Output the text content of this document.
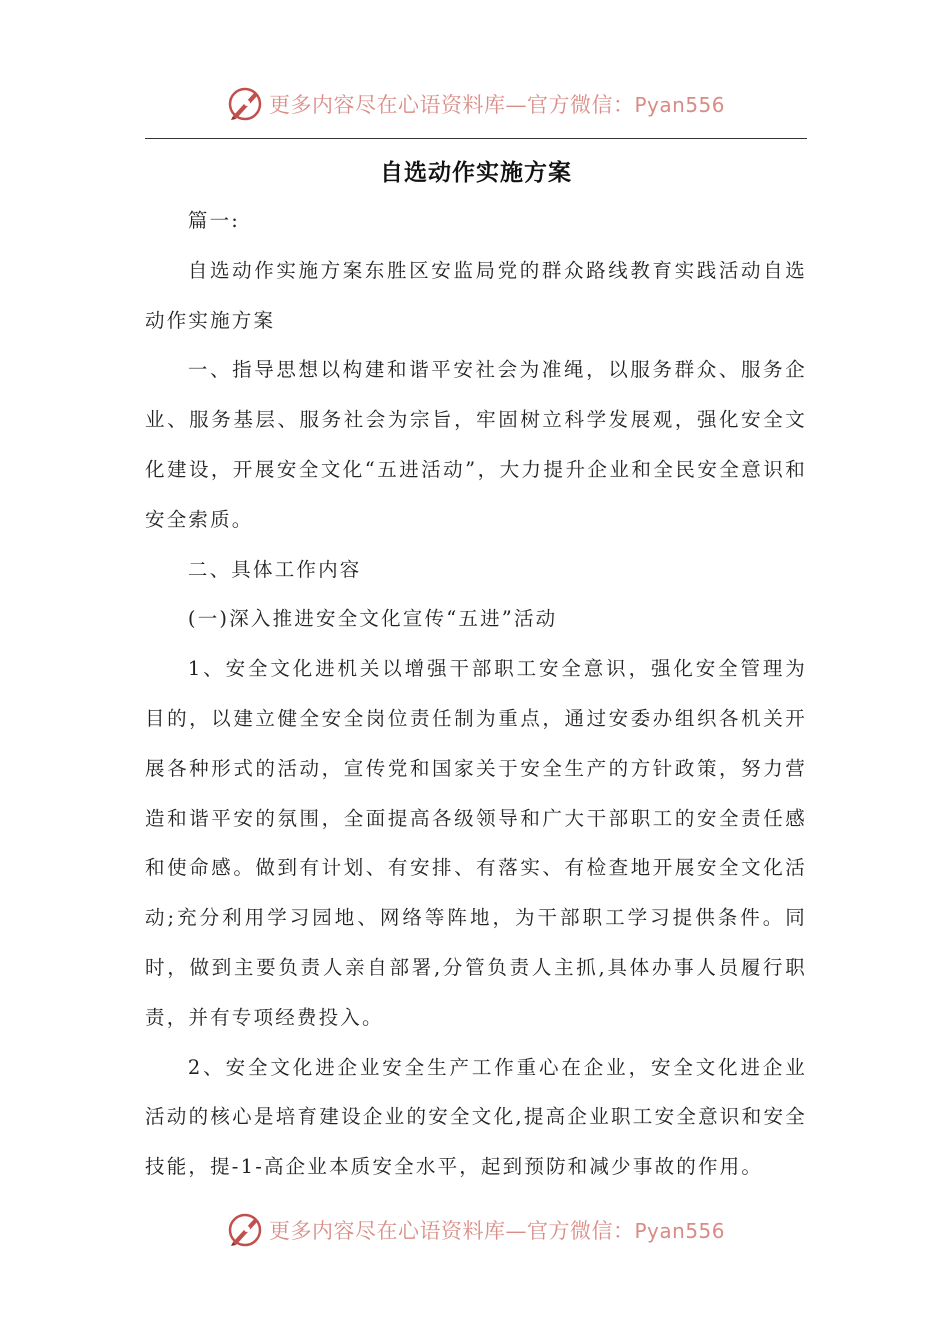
更多内容尽在心语资料库—官方微信：Pyan556
自选动作实施方案

篇一:

自选动作实施方案东胜区安监局党的群众路线教育实践活动自选动作实施方案

一、指导思想以构建和谐平安社会为准绳，以服务群众、服务企业、服务基层、服务社会为宗旨，牢固树立科学发展观，强化安全文化建设，开展安全文化“五进活动”，大力提升企业和全民安全意识和安全索质。

二、具体工作内容

(一)深入推进安全文化宣传“五进”活动

1、安全文化进机关以增强干部职工安全意识，强化安全管理为目的，以建立健全安全岗位责任制为重点，通过安委办组织各机关开展各种形式的活动，宣传党和国家关于安全生产的方针政策，努力营造和谐平安的氛围，全面提高各级领导和广大干部职工的安全责任感和使命感。做到有计划、有安排、有落实、有检查地开展安全文化活动;充分利用学习园地、网络等阵地，为干部职工学习提供条件。同时，做到主要负责人亲自部署,分管负责人主抓,具体办事人员履行职责，并有专项经费投入。

2、安全文化进企业安全生产工作重心在企业，安全文化进企业活动的核心是培育建设企业的安全文化,提高企业职工安全意识和安全技能，提-1-高企业本质安全水平，起到预防和减少事故的作用。

更多内容尽在心语资料库—官方微信：Pyan556
